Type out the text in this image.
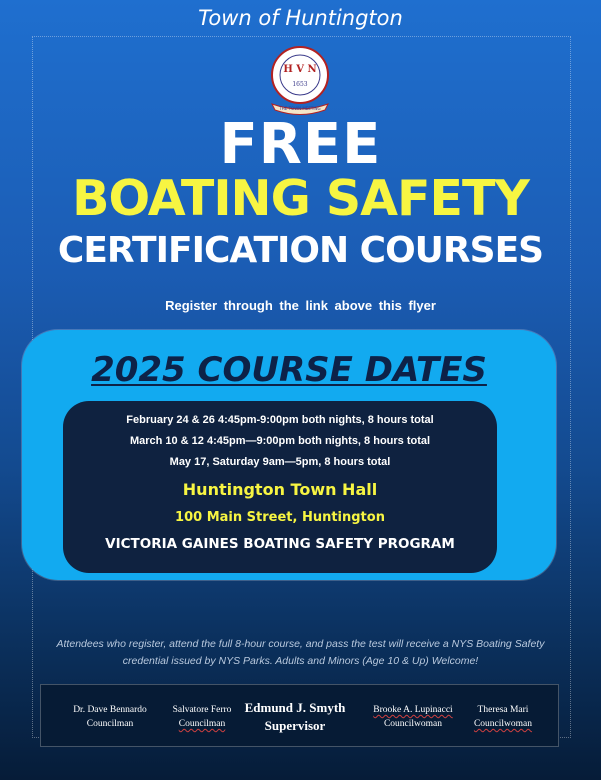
Town of Huntington
H V N
1653
THE TOWN MEETING
FREE
BOATING SAFETY
CERTIFICATION COURSES
Register through the link above this flyer
2025 COURSE DATES
February 24 & 26 4:45pm-9:00pm both nights, 8 hours total
March 10 & 12 4:45pm—9:00pm both nights, 8 hours total
May 17, Saturday 9am—5pm, 8 hours total
Huntington Town Hall
100 Main Street, Huntington
VICTORIA GAINES BOATING SAFETY PROGRAM
Attendees who register, attend the full 8-hour course, and pass the test will receive a NYS Boating Safety
credential issued by NYS Parks. Adults and Minors (Age 10 & Up) Welcome!
Dr. Dave Bennardo
Councilman
Salvatore Ferro
Councilman
Edmund J. Smyth
Supervisor
Brooke A. Lupinacci
Councilwoman
Theresa Mari
Councilwoman
